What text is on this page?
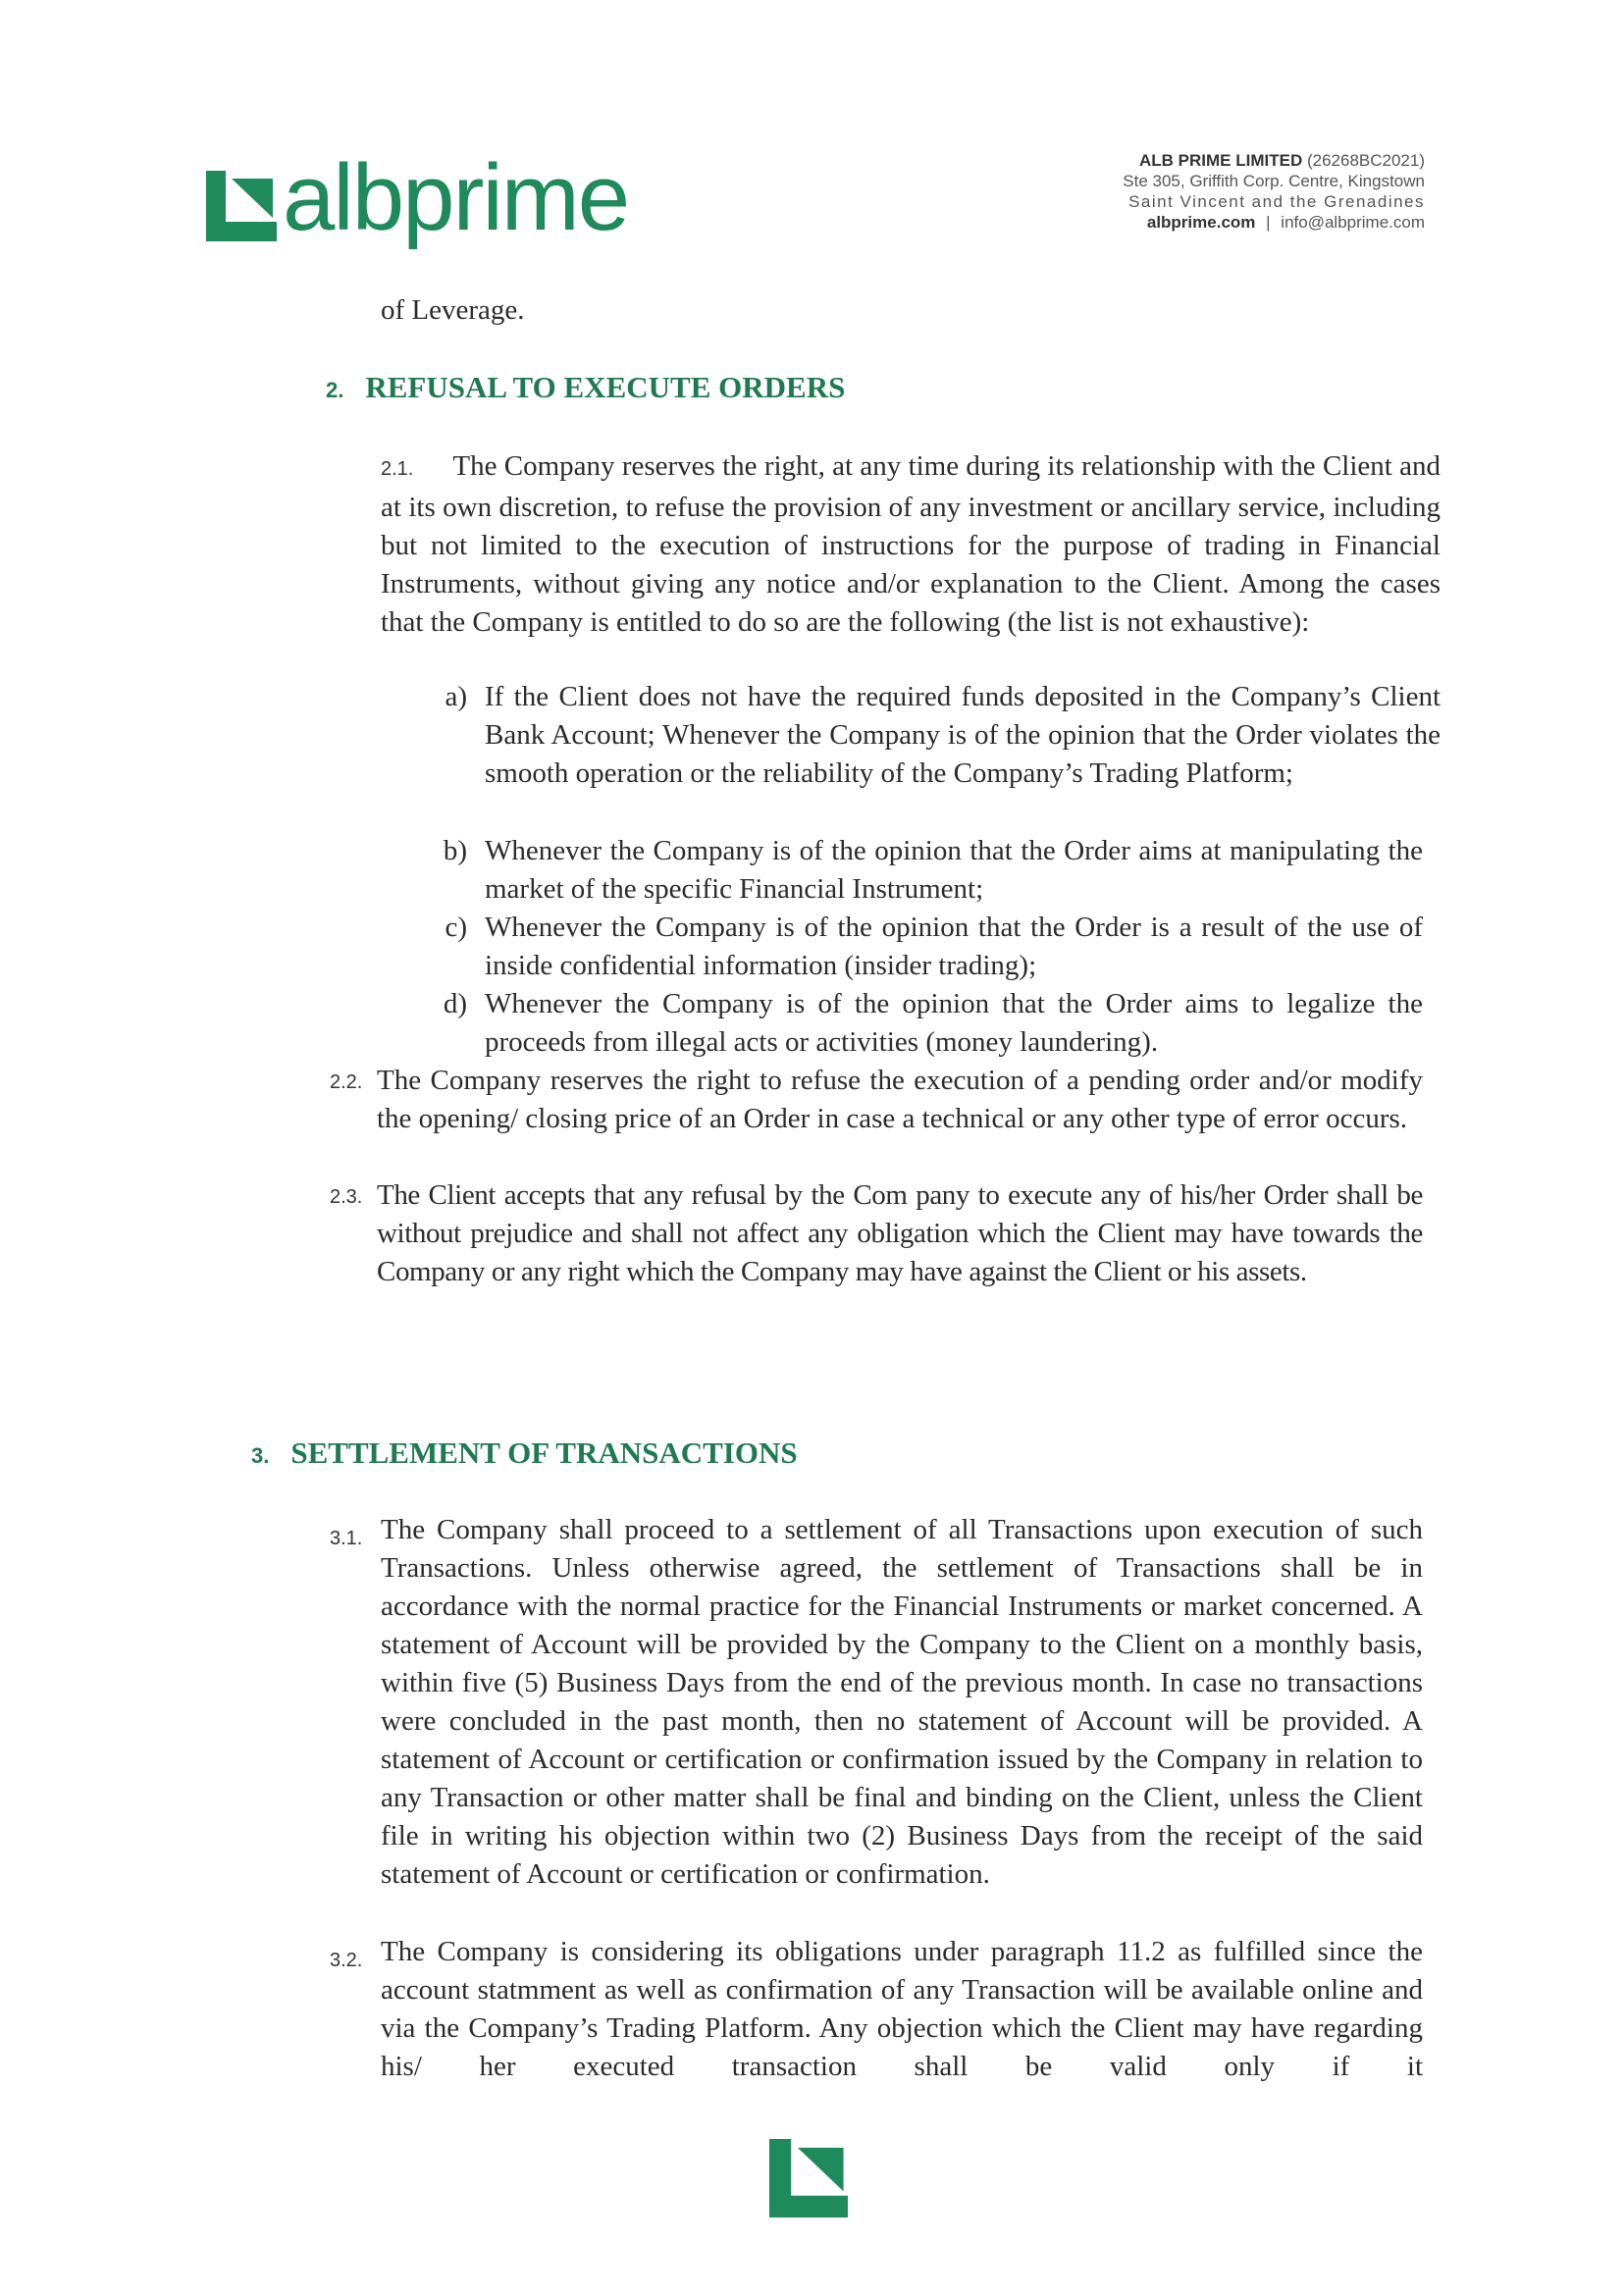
albprime	ALB PRIME LIMITED (26268BC2021)
Ste 305, Griffith Corp. Centre, Kingstown
Saint Vincent and the Grenadines
albprime.com | info@albprime.com
of Leverage.
2. REFUSAL TO EXECUTE ORDERS
2.1. The Company reserves the right, at any time during its relationship with the Client and at its own discretion, to refuse the provision of any investment or ancillary service, including but not limited to the execution of instructions for the purpose of trading in Financial Instruments, without giving any notice and/or explanation to the Client. Among the cases that the Company is entitled to do so are the following (the list is not exhaustive):
a) If the Client does not have the required funds deposited in the Company’s Client Bank Account; Whenever the Company is of the opinion that the Order violates the smooth operation or the reliability of the Company’s Trading Platform;
b) Whenever the Company is of the opinion that the Order aims at manipulating the market of the specific Financial Instrument;
c) Whenever the Company is of the opinion that the Order is a result of the use of inside confidential information (insider trading);
d) Whenever the Company is of the opinion that the Order aims to legalize the proceeds from illegal acts or activities (money laundering).
2.2. The Company reserves the right to refuse the execution of a pending order and/or modify the opening/ closing price of an Order in case a technical or any other type of error occurs.
2.3. The Client accepts that any refusal by the Com pany to execute any of his/her Order shall be without prejudice and shall not affect any obligation which the Client may have towards the Company or any right which the Company may have against the Client or his assets.
3. SETTLEMENT OF TRANSACTIONS
3.1. The Company shall proceed to a settlement of all Transactions upon execution of such Transactions. Unless otherwise agreed, the settlement of Transactions shall be in accordance with the normal practice for the Financial Instruments or market concerned. A statement of Account will be provided by the Company to the Client on a monthly basis, within five (5) Business Days from the end of the previous month. In case no transactions were concluded in the past month, then no statement of Account will be provided. A statement of Account or certification or confirmation issued by the Company in relation to any Transaction or other matter shall be final and binding on the Client, unless the Client file in writing his objection within two (2) Business Days from the receipt of the said statement of Account or certification or confirmation.
3.2. The Company is considering its obligations under paragraph 11.2 as fulfilled since the account statmment as well as confirmation of any Transaction will be available online and via the Company’s Trading Platform. Any objection which the Client may have regarding his/ her executed transaction shall be valid only if it
